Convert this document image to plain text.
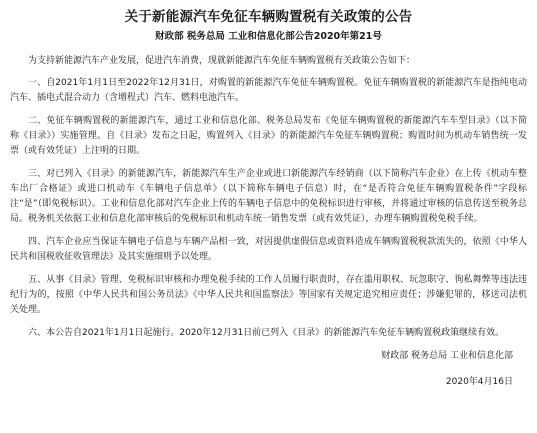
关于新能源汽车免征车辆购置税有关政策的公告
财政部 税务总局 工业和信息化部公告2020年第21号

为支持新能源汽车产业发展，促进汽车消费，现就新能源汽车免征车辆购置税有关政策公告如下：

一、自2021年1月1日至2022年12月31日，对购置的新能源汽车免征车辆购置税。免征车辆购置税的新能源汽车是指纯电动汽车、插电式混合动力（含增程式）汽车、燃料电池汽车。

二、免征车辆购置税的新能源汽车，通过工业和信息化部、税务总局发布《免征车辆购置税的新能源汽车车型目录》（以下简称《目录》）实施管理。自《目录》发布之日起，购置列入《目录》的新能源汽车免征车辆购置税；购置时间为机动车销售统一发票（或有效凭证）上注明的日期。

三、对已列入《目录》的新能源汽车，新能源汽车生产企业或进口新能源汽车经销商（以下简称汽车企业）在上传《机动车整车出厂合格证》或进口机动车《车辆电子信息单》（以下简称车辆电子信息）时，在“是否符合免征车辆购置税条件”字段标注“是”（即免税标识）。工业和信息化部对汽车企业上传的车辆电子信息中的免税标识进行审核，并将通过审核的信息传送至税务总局。税务机关依据工业和信息化部审核后的免税标识和机动车统一销售发票（或有效凭证），办理车辆购置税免税手续。

四、汽车企业应当保证车辆电子信息与车辆产品相一致，对因提供虚假信息或资料造成车辆购置税税款流失的，依照《中华人民共和国税收征收管理法》及其实施细则予以处理。

五、从事《目录》管理、免税标识审核和办理免税手续的工作人员履行职责时，存在滥用职权、玩忽职守、徇私舞弊等违法违纪行为的，按照《中华人民共和国公务员法》《中华人民共和国监察法》等国家有关规定追究相应责任；涉嫌犯罪的，移送司法机关处理。

六、本公告自2021年1月1日起施行。2020年12月31日前已列入《目录》的新能源汽车免征车辆购置税政策继续有效。

财政部 税务总局 工业和信息化部
2020年4月16日
